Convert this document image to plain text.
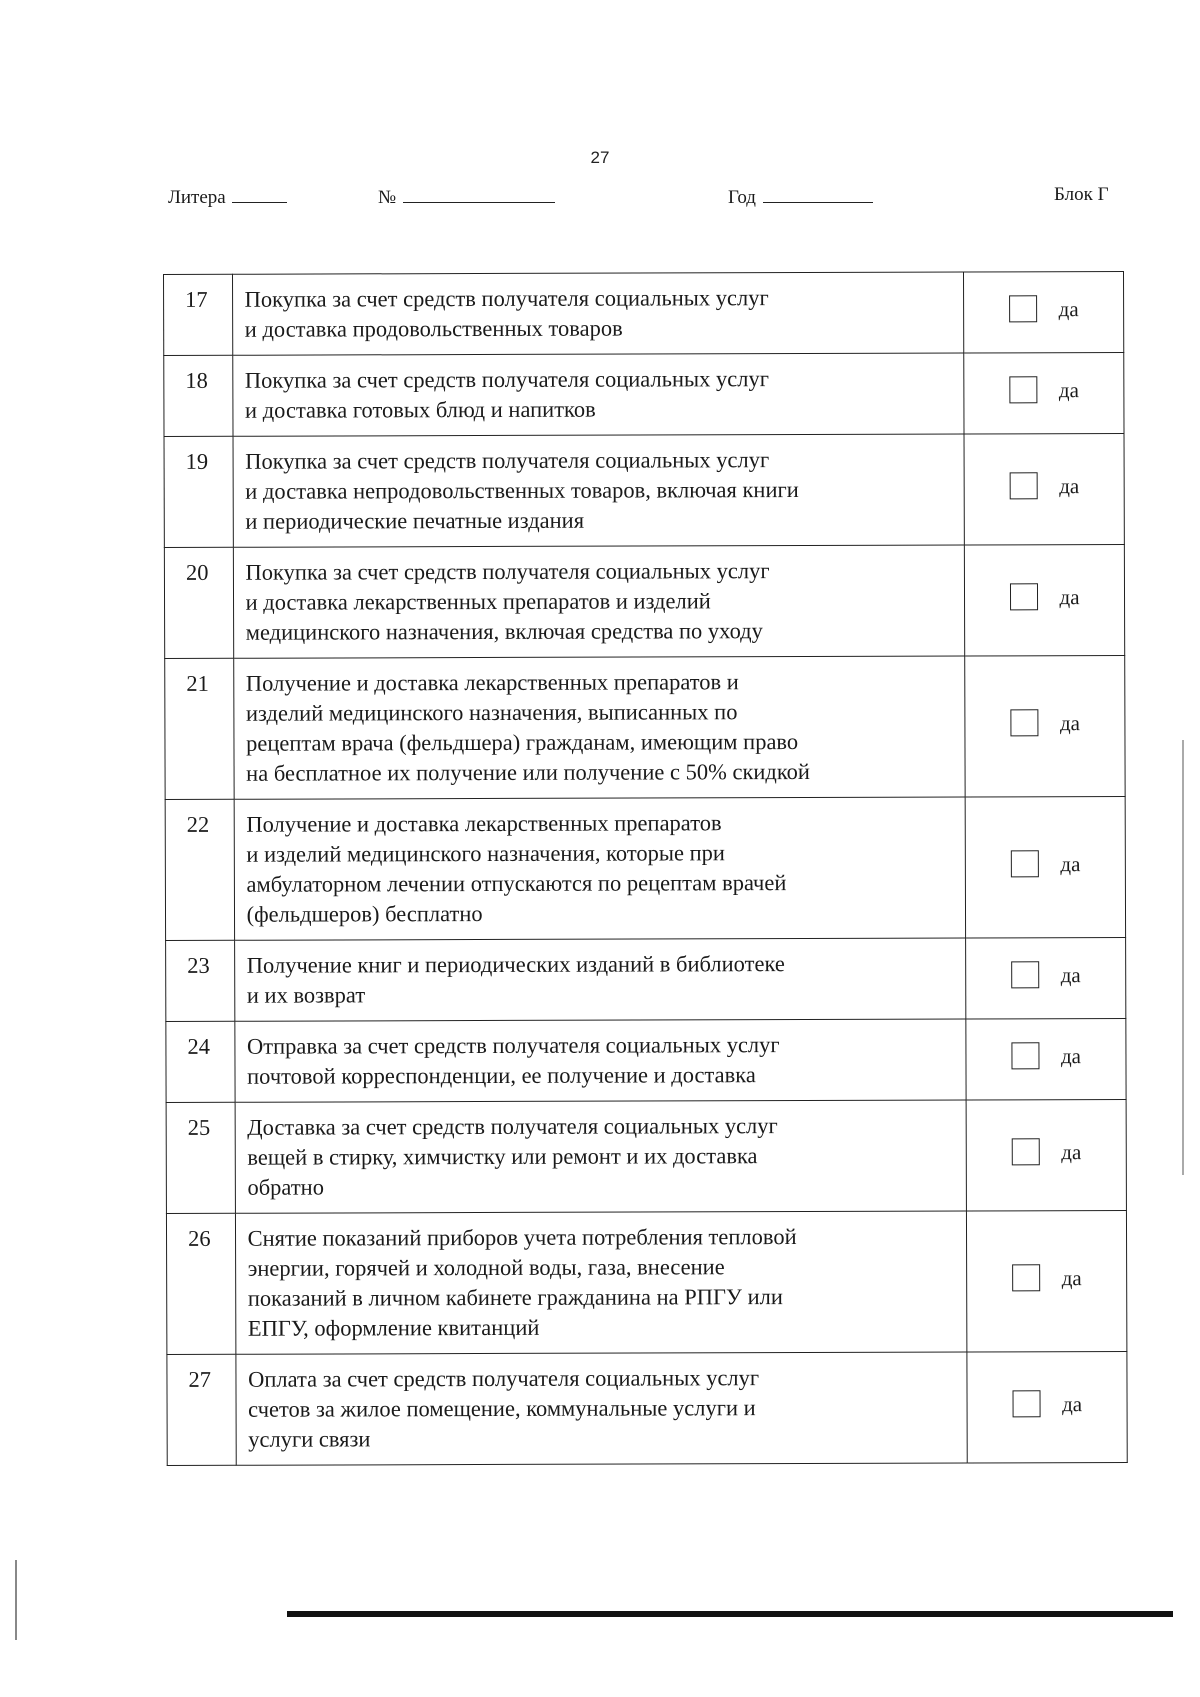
27
Литера	№	Год	Блок Г
17	Покупка за счет средств получателя социальных услуг
и доставка продовольственных товаров	да

18	Покупка за счет средств получателя социальных услуг
и доставка готовых блюд и напитков	да

19	Покупка за счет средств получателя социальных услуг
и доставка непродовольственных товаров, включая книги
и периодические печатные издания	да

20	Покупка за счет средств получателя социальных услуг
и доставка лекарственных препаратов и изделий
медицинского назначения, включая средства по уходу	да

21	Получение и доставка лекарственных препаратов и
изделий медицинского назначения, выписанных по
рецептам врача (фельдшера) гражданам, имеющим право
на бесплатное их получение или получение с 50% скидкой	да

22	Получение и доставка лекарственных препаратов
и изделий медицинского назначения, которые при
амбулаторном лечении отпускаются по рецептам врачей
(фельдшеров) бесплатно	да

23	Получение книг и периодических изданий в библиотеке
и их возврат	да

24	Отправка за счет средств получателя социальных услуг
почтовой корреспонденции, ее получение и доставка	да

25	Доставка за счет средств получателя социальных услуг
вещей в стирку, химчистку или ремонт и их доставка
обратно	да

26	Снятие показаний приборов учета потребления тепловой
энергии, горячей и холодной воды, газа, внесение
показаний в личном кабинете гражданина на РПГУ или
ЕПГУ, оформление квитанций	да

27	Оплата за счет средств получателя социальных услуг
счетов за жилое помещение, коммунальные услуги и
услуги связи	да
